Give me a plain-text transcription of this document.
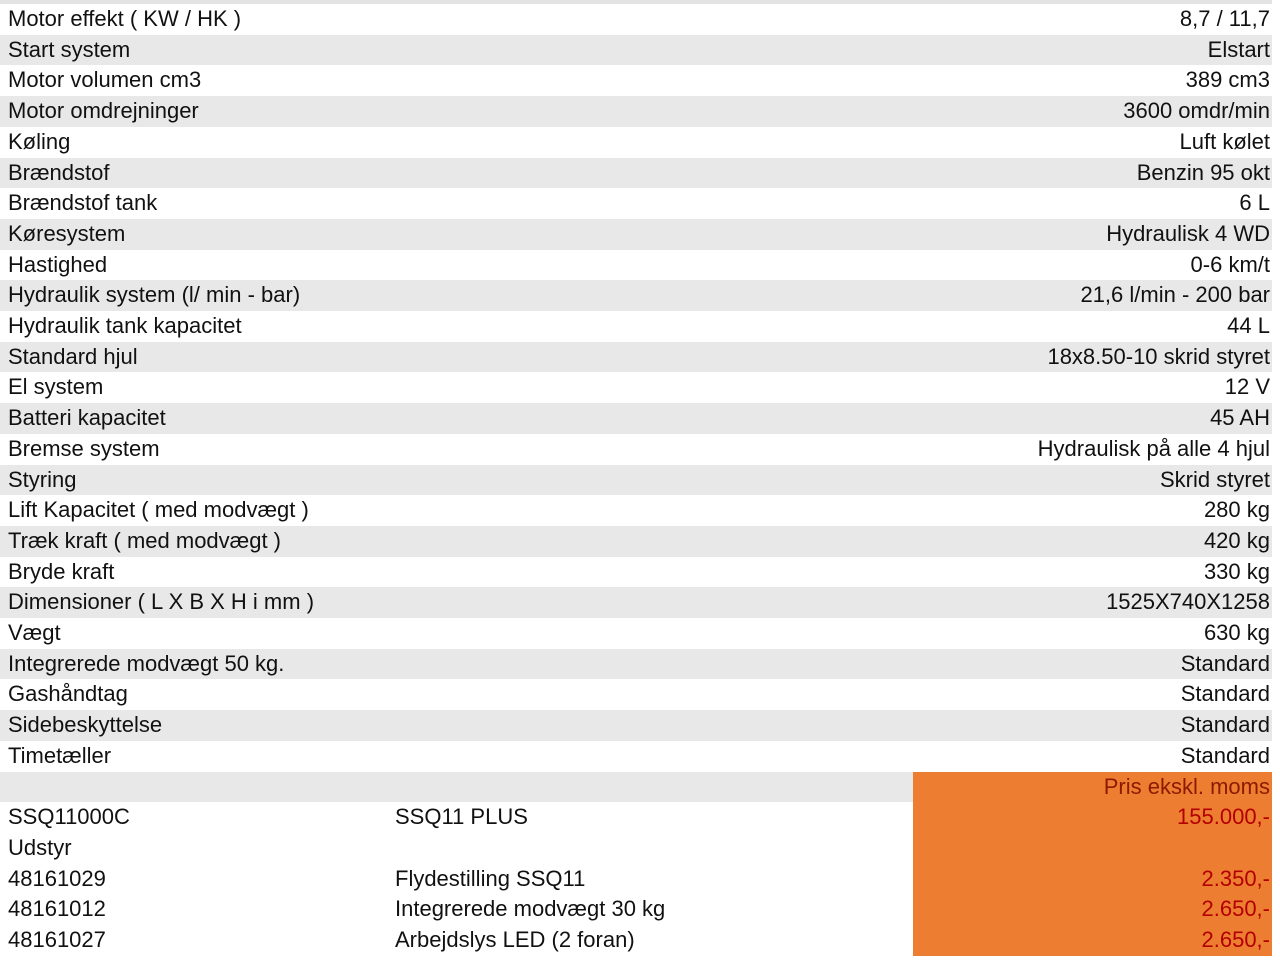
Motor effekt ( KW / HK )	8,7 / 11,7
Start system	Elstart
Motor volumen cm3	389 cm3
Motor omdrejninger	3600 omdr/min
Køling	Luft kølet
Brændstof	Benzin 95 okt
Brændstof tank	6 L
Køresystem	Hydraulisk 4 WD
Hastighed	0-6 km/t
Hydraulik system (l/ min - bar)	21,6 l/min - 200 bar
Hydraulik tank kapacitet	44 L
Standard hjul	18x8.50-10 skrid styret
El system	12 V
Batteri kapacitet	45 AH
Bremse system	Hydraulisk på alle 4 hjul
Styring	Skrid styret
Lift Kapacitet ( med modvægt )	280 kg
Træk kraft ( med modvægt )	420 kg
Bryde kraft	330 kg
Dimensioner ( L X B X H i mm )	1525X740X1258
Vægt	630 kg
Integrerede modvægt 50 kg.	Standard
Gashåndtag	Standard
Sidebeskyttelse	Standard
Timetæller	Standard
Pris ekskl. moms
SSQ11000C	SSQ11 PLUS	155.000,-
Udstyr
48161029	Flydestilling SSQ11	2.350,-
48161012	Integrerede modvægt 30 kg	2.650,-
48161027	Arbejdslys LED (2 foran)	2.650,-
